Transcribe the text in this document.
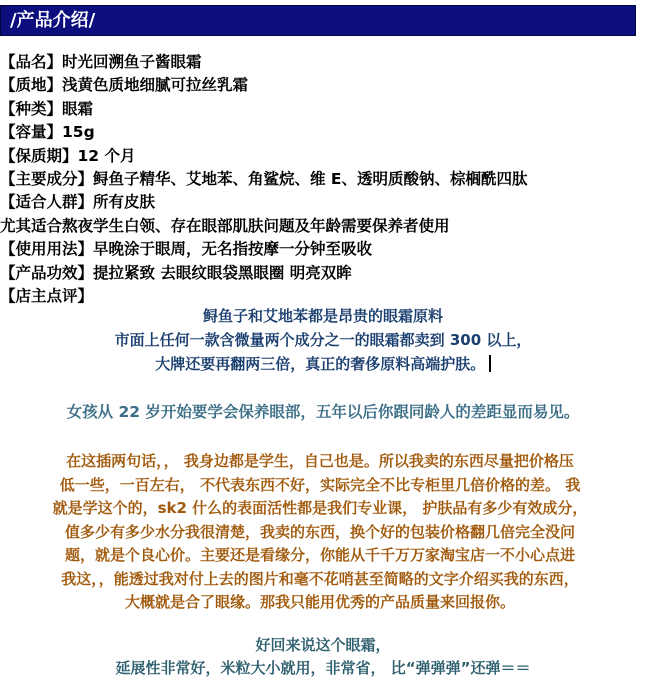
/产品介绍/
【品名】时光回溯鱼子酱眼霜
【质地】浅黄色质地细腻可拉丝乳霜
【种类】眼霜
【容量】15g
【保质期】12 个月
【主要成分】鲟鱼子精华、艾地苯、角鲨烷、维 E、透明质酸钠、棕榈酰四肽
【适合人群】所有皮肤
尤其适合熬夜学生白领、存在眼部肌肤问题及年龄需要保养者使用
【使用用法】早晚涂于眼周，无名指按摩一分钟至吸收
【产品功效】提拉紧致 去眼纹眼袋黑眼圈 明亮双眸
【店主点评】
鲟鱼子和艾地苯都是昂贵的眼霜原料
市面上任何一款含微量两个成分之一的眼霜都卖到 300 以上，
大牌还要再翻两三倍，真正的奢侈原料高端护肤。
女孩从 22 岁开始要学会保养眼部，五年以后你跟同龄人的差距显而易见。
在这插两句话，， 我身边都是学生，自己也是。所以我卖的东西尽量把价格压
低一些，一百左右， 不代表东西不好，实际完全不比专柜里几倍价格的差。 我
就是学这个的，sk2 什么的表面活性都是我们专业课， 护肤品有多少有效成分，
值多少有多少水分我很清楚，我卖的东西，换个好的包装价格翻几倍完全没问
题，就是个良心价。主要还是看缘分，你能从千千万万家淘宝店一不小心点进
我这，，能透过我对付上去的图片和毫不花哨甚至简略的文字介绍买我的东西，
大概就是合了眼缘。那我只能用优秀的产品质量来回报你。
好回来说这个眼霜，
延展性非常好，米粒大小就用，非常省， 比“弹弹弹”还弹＝＝
